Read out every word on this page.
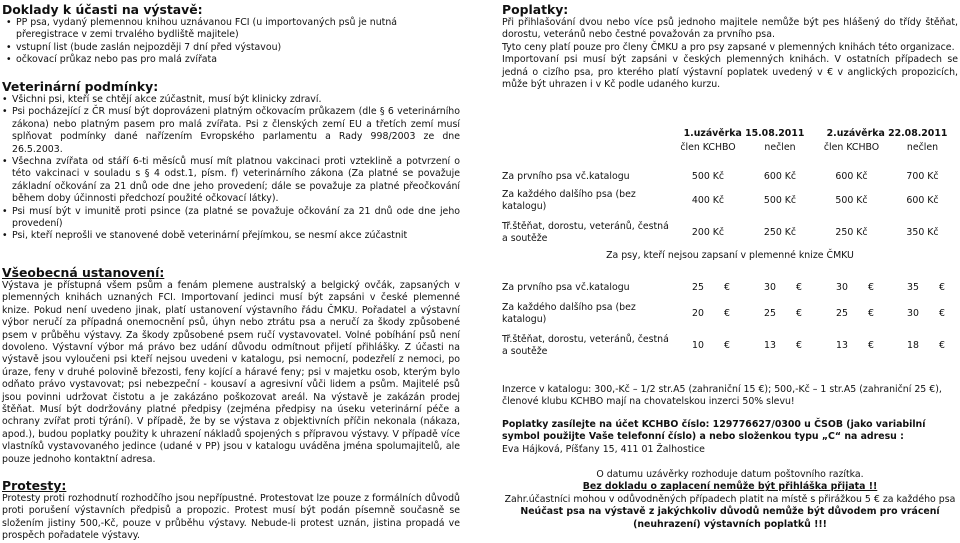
Doklady k účasti na výstavě:
• PP psa, vydaný plemennou knihou uznávanou FCI (u importovaných psů je nutná přeregistrace v zemi trvalého bydliště majitele)
• vstupní list (bude zaslán nejpozději 7 dní před výstavou)
• očkovací průkaz nebo pas pro malá zvířata
Veterinární podmínky:
• Všichni psi, kteří se chtějí akce zúčastnit, musí být klinicky zdraví.
• Psi pocházející z ČR musí být doprovázeni platným očkovacím průkazem (dle § 6 veterinárního zákona) nebo platným pasem pro malá zvířata. Psi z členských zemí EU a třetích zemí musí splňovat podmínky dané nařízením Evropského parlamentu a Rady 998/2003 ze dne 26.5.2003.
• Všechna zvířata od stáří 6-ti měsíců musí mít platnou vakcinaci proti vzteklině a potvrzení o této vakcinaci v souladu s § 4 odst.1, písm. f) veterinárního zákona (Za platné se považuje základní očkování za 21 dnů ode dne jeho provedení; dále se považuje za platné přeočkování během doby účinnosti předchozí použité očkovací látky).
• Psi musí být v imunitě proti psince (za platné se považuje očkování za 21 dnů ode dne jeho provedení)
• Psi, kteří neprošli ve stanovené době veterinární přejímkou, se nesmí akce zúčastnit
Všeobecná ustanovení:

Výstava je přístupná všem psům a fenám plemene australský a belgický ovčák, zapsaných v plemenných knihách uznaných FCI. Importovaní jedinci musí být zapsáni v české plemenné knize. Pokud není uvedeno jinak, platí ustanovení výstavního řádu ČMKU. Pořadatel a výstavní výbor neručí za případná onemocnění psů, úhyn nebo ztrátu psa a neručí za škody způsobené psem v průběhu výstavy. Za škody způsobené psem ručí vystavovatel. Volné pobíhání psů není dovoleno. Výstavní výbor má právo bez udání důvodu odmítnout přijetí přihlášky. Z účasti na výstavě jsou vyloučeni psi kteří nejsou uvedeni v katalogu, psi nemocní, podezřelí z nemoci, po úraze, feny v druhé polovině březosti, feny kojící a háravé feny; psi v majetku osob, kterým bylo odňato právo vystavovat; psi nebezpeční - kousaví a agresivní vůči lidem a psům. Majitelé psů jsou povinni udržovat čistotu a je zakázáno poškozovat areál. Na výstavě je zakázán prodej štěňat. Musí být dodržovány platné předpisy (zejména předpisy na úseku veterinární péče a ochrany zvířat proti týrání). V případě, že by se výstava z objektivních příčin nekonala (nákaza, apod.), budou poplatky použity k uhrazení nákladů spojených s přípravou výstavy. V případě více vlastníků vystavovaného jedince (udané v PP) jsou v katalogu uváděna jména spolumajitelů, ale pouze jednoho kontaktní adresa.

Protesty:

Protesty proti rozhodnutí rozhodčího jsou nepřípustné. Protestovat lze pouze z formálních důvodů proti porušení výstavních předpisů a propozic. Protest musí být podán písemně současně se složením jistiny 500,-Kč, pouze v průběhu výstavy. Nebude-li protest uznán, jistina propadá ve prospěch pořadatele výstavy.

Poplatky:

Při přihlašování dvou nebo více psů jednoho majitele nemůže být pes hlášený do třídy štěňat, dorostu, veteránů nebo čestné považován za prvního psa.

Tyto ceny platí pouze pro členy ČMKU a pro psy zapsané v plemenných knihách této organizace.

Importovaní psi musí být zapsáni v českých plemenných knihách. V ostatních případech se jedná o cizího psa, pro kterého platí výstavní poplatek uvedený v € v anglických propozicích, může být uhrazen i v Kč podle udaného kurzu.

	1.uzávěrka 15.08.2011		2.uzávěrka 22.08.2011	
	člen KCHBO	nečlen	člen KCHBO	nečlen

Za prvního psa vč.katalogu	500 Kč	600 Kč	600 Kč	700 Kč
Za každého dalšího psa (bez katalogu)	400 Kč	500 Kč	500 Kč	600 Kč
Tř.štěňat, dorostu, veteránů, čestná a soutěže	200 Kč	250 Kč	250 Kč	350 Kč

Za psy, kteří nejsou zapsaní v plemenné knize ČMKU

Za prvního psa vč.katalogu	25	€	30	€	30	€	35	€
Za každého dalšího psa (bez katalogu)	20	€	25	€	25	€	30	€
Tř.štěňat, dorostu, veteránů, čestná a soutěže	10	€	13	€	13	€	18	€

Inzerce v katalogu: 300,-Kč – 1/2 str.A5 (zahraniční 15 €); 500,-Kč – 1 str.A5 (zahraniční 25 €),

členové klubu KCHBO mají na chovatelskou inzerci 50% slevu!

Poplatky zasílejte na účet KCHBO číslo: 129776627/0300 u ČSOB (jako variabilní

symbol použijte Vaše telefonní číslo) a nebo složenkou typu „C“ na adresu :

Eva Hájková, Píšťany 15, 411 01 Žalhostice

O datumu uzávěrky rozhoduje datum poštovního razítka.

Bez dokladu o zaplacení nemůže být přihláška přijata !!

Zahr.účastníci mohou v odůvodněných případech platit na místě s přirážkou 5 € za každého psa

Neúčast psa na výstavě z jakýchkoliv důvodů nemůže být důvodem pro vrácení

(neuhrazení) výstavních poplatků !!!
